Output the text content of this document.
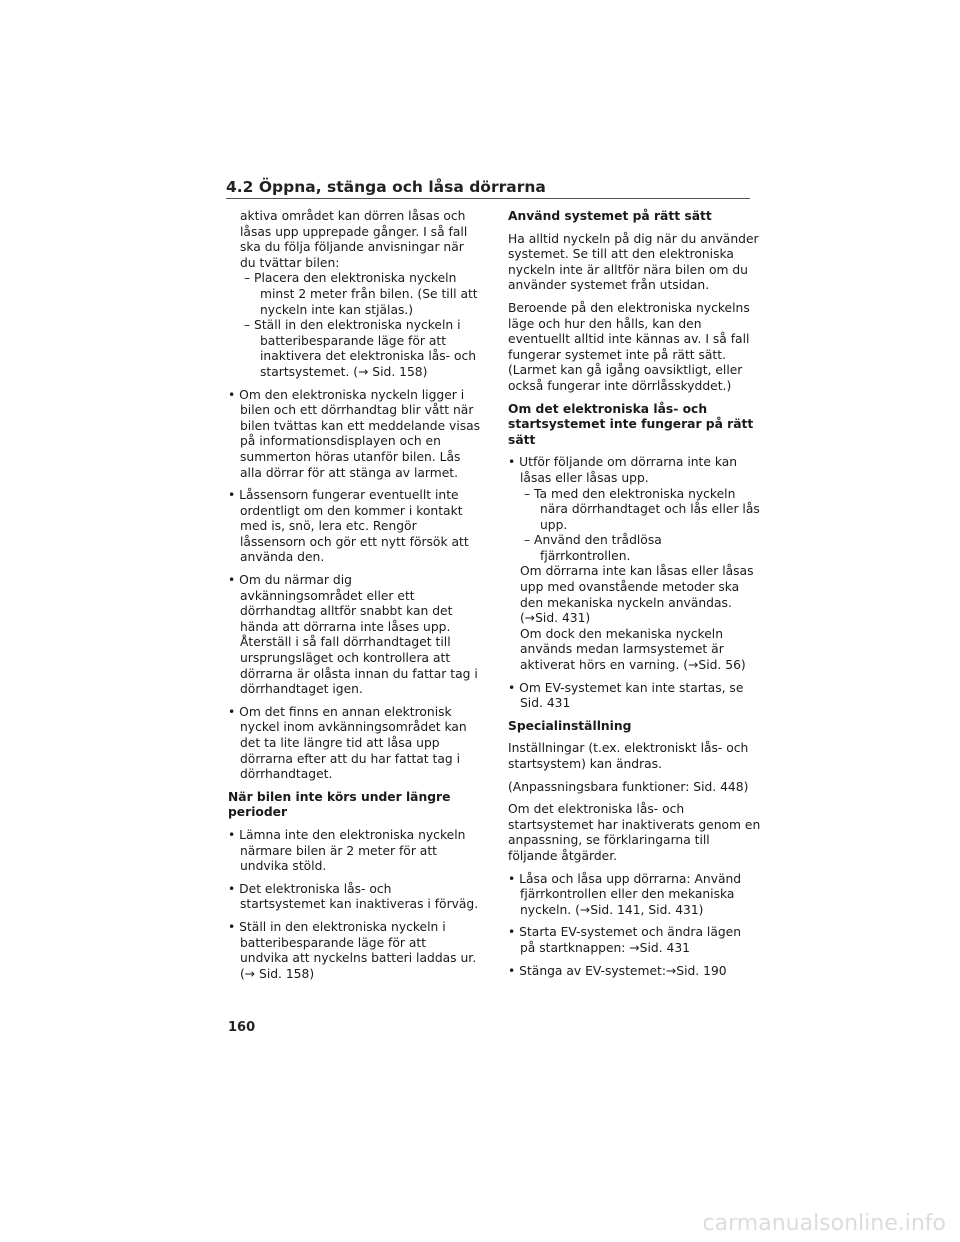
4.2 Öppna, stänga och låsa dörrarna
aktiva området kan dörren låsas och
låsas upp upprepade gånger. I så fall
ska du följa följande anvisningar när
du tvättar bilen:
– Placera den elektroniska nyckeln
minst 2 meter från bilen. (Se till att
nyckeln inte kan stjälas.)
– Ställ in den elektroniska nyckeln i
batteribesparande läge för att
inaktivera det elektroniska lås- och
startsystemet. (→ Sid. 158)
• Om den elektroniska nyckeln ligger i
bilen och ett dörrhandtag blir vått när
bilen tvättas kan ett meddelande visas
på informationsdisplayen och en
summerton höras utanför bilen. Lås
alla dörrar för att stänga av larmet.
• Låssensorn fungerar eventuellt inte
ordentligt om den kommer i kontakt
med is, snö, lera etc. Rengör
låssensorn och gör ett nytt försök att
använda den.
• Om du närmar dig
avkänningsområdet eller ett
dörrhandtag alltför snabbt kan det
hända att dörrarna inte låses upp.
Återställ i så fall dörrhandtaget till
ursprungsläget och kontrollera att
dörrarna är olåsta innan du fattar tag i
dörrhandtaget igen.
• Om det finns en annan elektronisk
nyckel inom avkänningsområdet kan
det ta lite längre tid att låsa upp
dörrarna efter att du har fattat tag i
dörrhandtaget.
När bilen inte körs under längre
perioder
• Lämna inte den elektroniska nyckeln
närmare bilen är 2 meter för att
undvika stöld.
• Det elektroniska lås- och
startsystemet kan inaktiveras i förväg.
• Ställ in den elektroniska nyckeln i
batteribesparande läge för att
undvika att nyckelns batteri laddas ur.
(→ Sid. 158)
Använd systemet på rätt sätt
Ha alltid nyckeln på dig när du använder
systemet. Se till att den elektroniska
nyckeln inte är alltför nära bilen om du
använder systemet från utsidan.
Beroende på den elektroniska nyckelns
läge och hur den hålls, kan den
eventuellt alltid inte kännas av. I så fall
fungerar systemet inte på rätt sätt.
(Larmet kan gå igång oavsiktligt, eller
också fungerar inte dörrlåsskyddet.)
Om det elektroniska lås- och
startsystemet inte fungerar på rätt
sätt
• Utför följande om dörrarna inte kan
låsas eller låsas upp.
– Ta med den elektroniska nyckeln
nära dörrhandtaget och lås eller lås
upp.
– Använd den trådlösa
fjärrkontrollen.
Om dörrarna inte kan låsas eller låsas
upp med ovanstående metoder ska
den mekaniska nyckeln användas.
(→Sid. 431)
Om dock den mekaniska nyckeln
används medan larmsystemet är
aktiverat hörs en varning. (→Sid. 56)
• Om EV-systemet kan inte startas, se
Sid. 431
Specialinställning
Inställningar (t.ex. elektroniskt lås- och
startsystem) kan ändras.
(Anpassningsbara funktioner: Sid. 448)
Om det elektroniska lås- och
startsystemet har inaktiverats genom en
anpassning, se förklaringarna till
följande åtgärder.
• Låsa och låsa upp dörrarna: Använd
fjärrkontrollen eller den mekaniska
nyckeln. (→Sid. 141, Sid. 431)
• Starta EV-systemet och ändra lägen
på startknappen: →Sid. 431
• Stänga av EV-systemet:→Sid. 190
160
carmanualsonline.info
